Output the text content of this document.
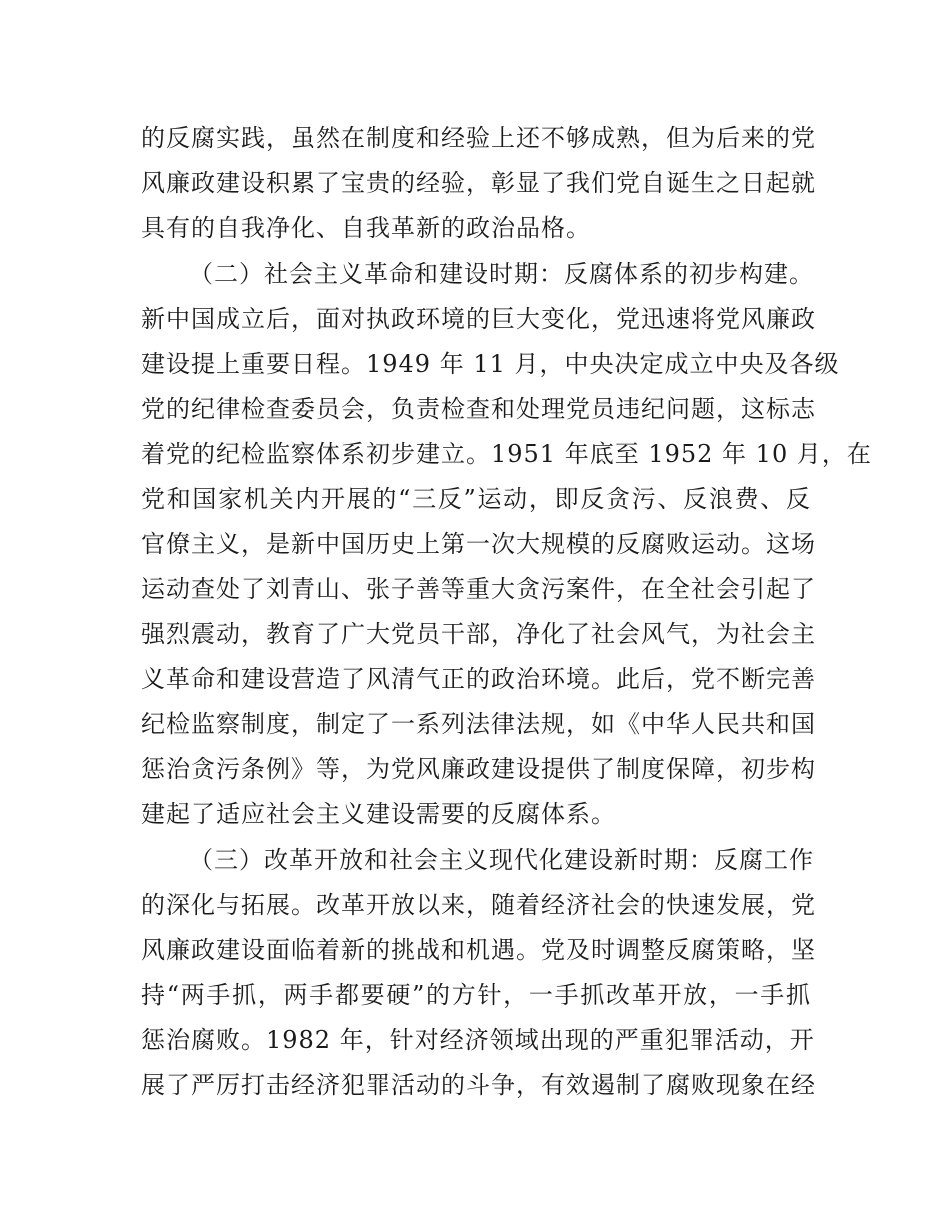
的反腐实践，虽然在制度和经验上还不够成熟，但为后来的党
风廉政建设积累了宝贵的经验，彰显了我们党自诞生之日起就
具有的自我净化、自我革新的政治品格。
（二）社会主义革命和建设时期：反腐体系的初步构建。
新中国成立后，面对执政环境的巨大变化，党迅速将党风廉政
建设提上重要日程。1949 年 11 月，中央决定成立中央及各级
党的纪律检查委员会，负责检查和处理党员违纪问题，这标志
着党的纪检监察体系初步建立。1951 年底至 1952 年 10 月，在
党和国家机关内开展的“三反”运动，即反贪污、反浪费、反
官僚主义，是新中国历史上第一次大规模的反腐败运动。这场
运动查处了刘青山、张子善等重大贪污案件，在全社会引起了
强烈震动，教育了广大党员干部，净化了社会风气，为社会主
义革命和建设营造了风清气正的政治环境。此后，党不断完善
纪检监察制度，制定了一系列法律法规，如《中华人民共和国
惩治贪污条例》等，为党风廉政建设提供了制度保障，初步构
建起了适应社会主义建设需要的反腐体系。
（三）改革开放和社会主义现代化建设新时期：反腐工作
的深化与拓展。改革开放以来，随着经济社会的快速发展，党
风廉政建设面临着新的挑战和机遇。党及时调整反腐策略，坚
持“两手抓，两手都要硬”的方针，一手抓改革开放，一手抓
惩治腐败。1982 年，针对经济领域出现的严重犯罪活动，开
展了严厉打击经济犯罪活动的斗争，有效遏制了腐败现象在经
